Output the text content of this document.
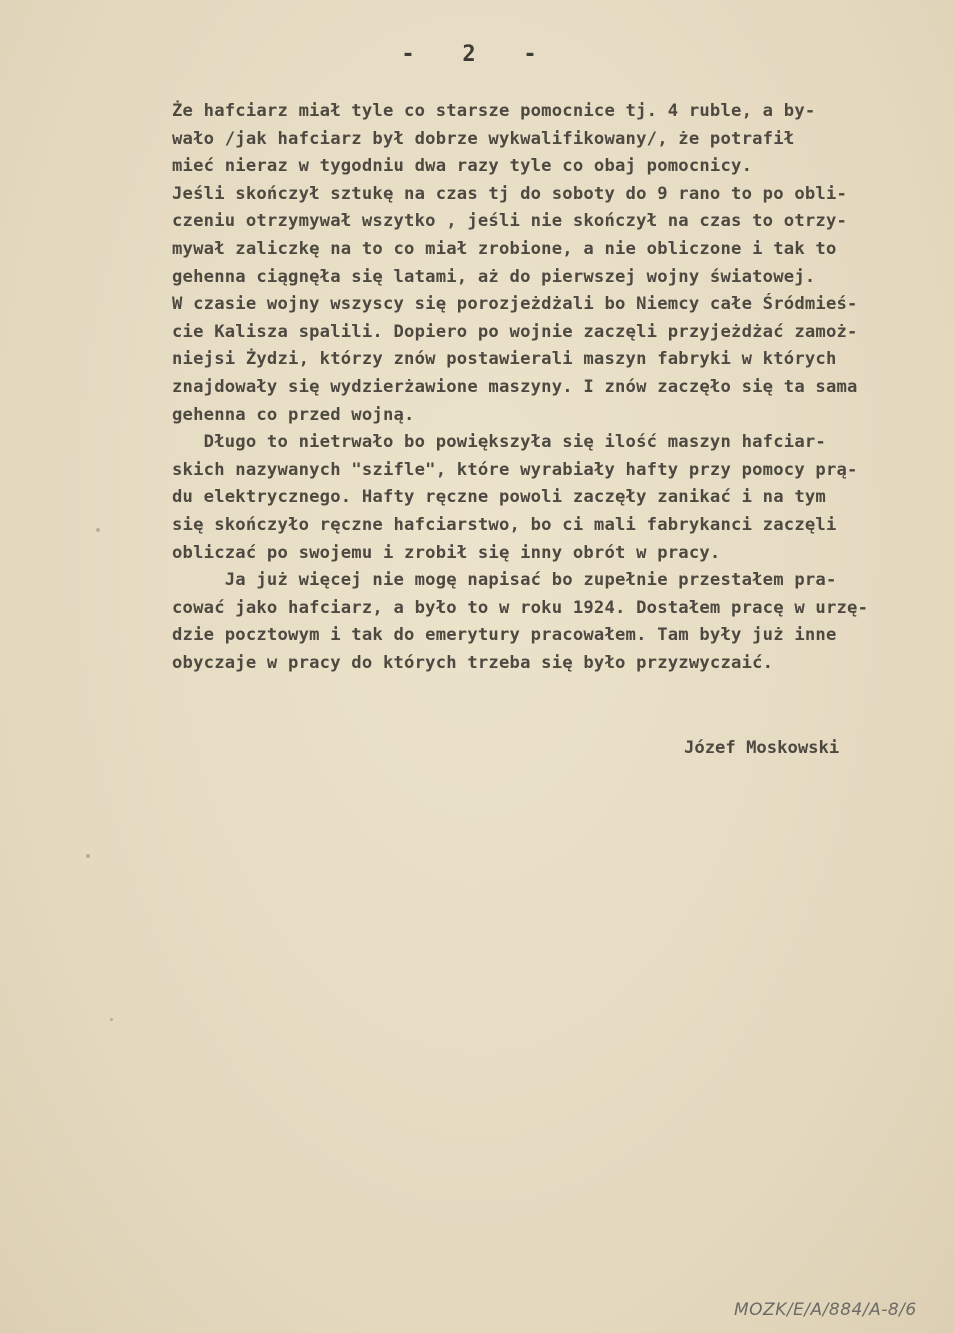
-   2   -
Że hafciarz miał tyle co starsze pomocnice tj. 4 ruble, a by-
wało /jak hafciarz był dobrze wykwalifikowany/, że potrafił
mieć nieraz w tygodniu dwa razy tyle co obaj pomocnicy.
Jeśli skończył sztukę na czas tj do soboty do 9 rano to po obli-
czeniu otrzymywał wszytko , jeśli nie skończył na czas to otrzy-
mywał zaliczkę na to co miał zrobione, a nie obliczone i tak to
gehenna ciągnęła się latami, aż do pierwszej wojny światowej.
W czasie wojny wszyscy się porozjeżdżali bo Niemcy całe Śródmieś-
cie Kalisza spalili. Dopiero po wojnie zaczęli przyjeżdżać zamoż-
niejsi Żydzi, którzy znów postawierali maszyn fabryki w których
znajdowały się wydzierżawione maszyny. I znów zaczęło się ta sama
gehenna co przed wojną.
Długo to nietrwało bo powiększyła się ilość maszyn hafciar-
skich nazywanych "szifle", które wyrabiały hafty przy pomocy prą-
du elektrycznego. Hafty ręczne powoli zaczęły zanikać i na tym
się skończyło ręczne hafciarstwo, bo ci mali fabrykanci zaczęli
obliczać po swojemu i zrobił się inny obrót w pracy.
Ja już więcej nie mogę napisać bo zupełnie przestałem pra-
cować jako hafciarz, a było to w roku 1924. Dostałem pracę w urzę-
dzie pocztowym i tak do emerytury pracowałem. Tam były już inne
obyczaje w pracy do których trzeba się było przyzwyczaić.
Józef Moskowski
MOZK/E/A/884/A-8/6
